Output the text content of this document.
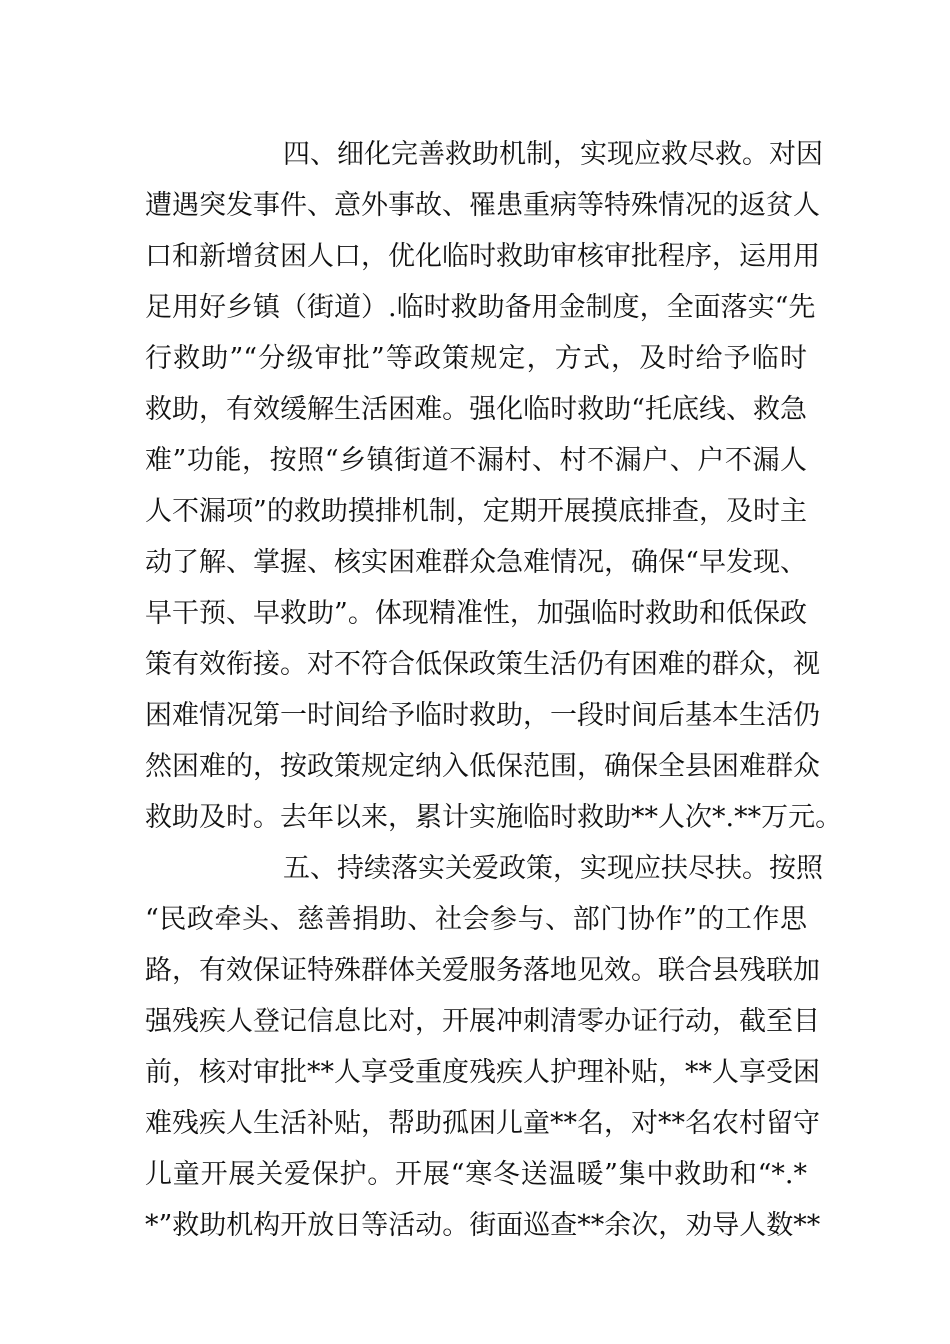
四、细化完善救助机制，实现应救尽救。对因
遭遇突发事件、意外事故、罹患重病等特殊情况的返贫人
口和新增贫困人口，优化临时救助审核审批程序，运用用
足用好乡镇（街道）.临时救助备用金制度，全面落实“先
行救助”“分级审批”等政策规定，方式，及时给予临时
救助，有效缓解生活困难。强化临时救助“托底线、救急
难”功能，按照“乡镇街道不漏村、村不漏户、户不漏人
人不漏项”的救助摸排机制，定期开展摸底排查，及时主
动了解、掌握、核实困难群众急难情况，确保“早发现、
早干预、早救助”。体现精准性，加强临时救助和低保政
策有效衔接。对不符合低保政策生活仍有困难的群众，视
困难情况第一时间给予临时救助，一段时间后基本生活仍
然困难的，按政策规定纳入低保范围，确保全县困难群众
救助及时。去年以来，累计实施临时救助**人次*.**万元。
五、持续落实关爱政策，实现应扶尽扶。按照
“民政牵头、慈善捐助、社会参与、部门协作”的工作思
路，有效保证特殊群体关爱服务落地见效。联合县残联加
强残疾人登记信息比对，开展冲刺清零办证行动，截至目
前，核对审批**人享受重度残疾人护理补贴，**人享受困
难残疾人生活补贴，帮助孤困儿童**名，对**名农村留守
儿童开展关爱保护。开展“寒冬送温暖”集中救助和“*.*
*”救助机构开放日等活动。街面巡查**余次，劝导人数**
